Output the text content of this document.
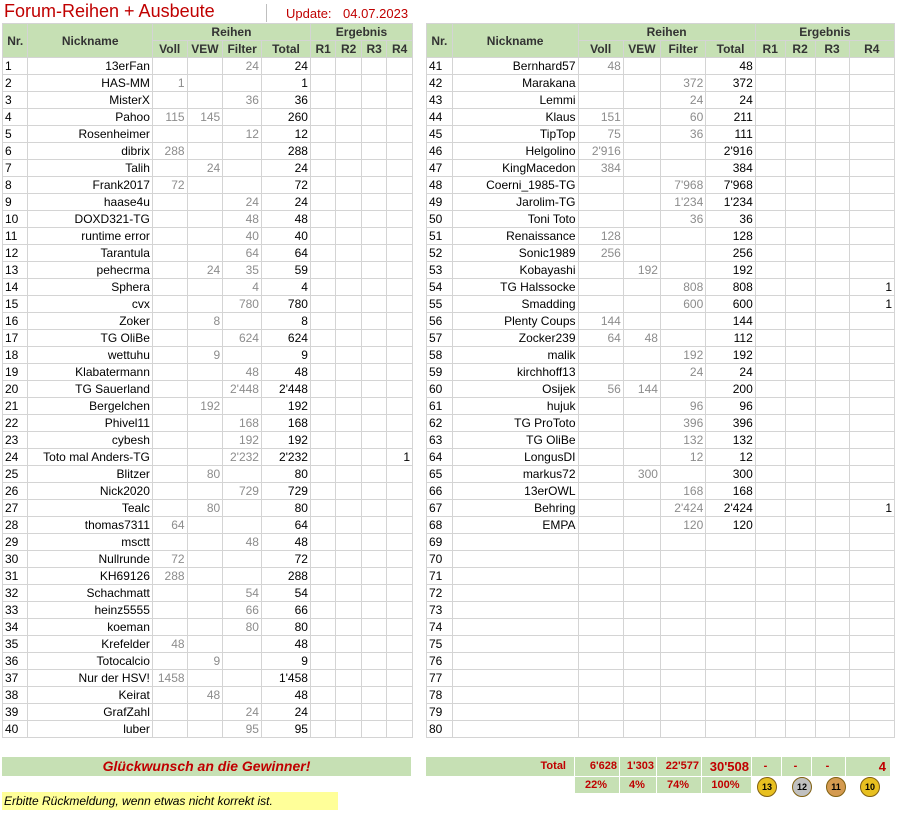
Forum-Reihen + Ausbeute	Update: 04.07.2023
Nr.	Nickname	Reihen				Ergebnis			
		Voll	VEW	Filter	Total	R1	R2	R3	R4
1	13erFan			24	24				
2	HAS-MM	1			1				
3	MisterX			36	36				
4	Pahoo	115	145		260				
5	Rosenheimer			12	12				
6	dibrix	288			288				
7	Talih		24		24				
8	Frank2017	72			72				
9	haase4u			24	24				
10	DOXD321-TG			48	48				
11	runtime error			40	40				
12	Tarantula			64	64				
13	pehecrma		24	35	59				
14	Sphera			4	4				
15	cvx			780	780				
16	Zoker		8		8				
17	TG OliBe			624	624				
18	wettuhu		9		9				
19	Klabatermann			48	48				
20	TG Sauerland			2'448	2'448				
21	Bergelchen		192		192				
22	Phivel11			168	168				
23	cybesh			192	192				
24	Toto mal Anders-TG			2'232	2'232				1
25	Blitzer		80		80				
26	Nick2020			729	729				
27	Tealc		80		80				
28	thomas7311	64			64				
29	msctt			48	48				
30	Nullrunde	72			72				
31	KH69126	288			288				
32	Schachmatt			54	54				
33	heinz5555			66	66				
34	koeman			80	80				
35	Krefelder	48			48				
36	Totocalcio		9		9				
37	Nur der HSV!	1458			1'458				
38	Keirat		48		48				
39	GrafZahl			24	24				
40	luber			95	95				
Nr.	Nickname	Reihen				Ergebnis			
		Voll	VEW	Filter	Total	R1	R2	R3	R4
41	Bernhard57	48			48				
42	Marakana			372	372				
43	Lemmi			24	24				
44	Klaus	151		60	211				
45	TipTop	75		36	111				
46	Helgolino	2'916			2'916				
47	KingMacedon	384			384				
48	Coerni_1985-TG			7'968	7'968				
49	Jarolim-TG			1'234	1'234				
50	Toni Toto			36	36				
51	Renaissance	128			128				
52	Sonic1989	256			256				
53	Kobayashi		192		192				
54	TG Halssocke			808	808				1
55	Smadding			600	600				1
56	Plenty Coups	144			144				
57	Zocker239	64	48		112				
58	malik			192	192				
59	kirchhoff13			24	24				
60	Osijek	56	144		200				
61	hujuk			96	96				
62	TG ProToto			396	396				
63	TG OliBe			132	132				
64	LongusDI			12	12				
65	markus72		300		300				
66	13erOWL			168	168				
67	Behring			2'424	2'424				1
68	EMPA			120	120				
69									
70									
71									
72									
73									
74									
75									
76									
77									
78									
79									
80									
Glückwunsch an die Gewinner!
Erbitte Rückmeldung, wenn etwas nicht korrekt ist.
Total	6'628 1'303	22'577 30'508	-	-	-	4
22%	4%	74%	100%	13	12	11	10
